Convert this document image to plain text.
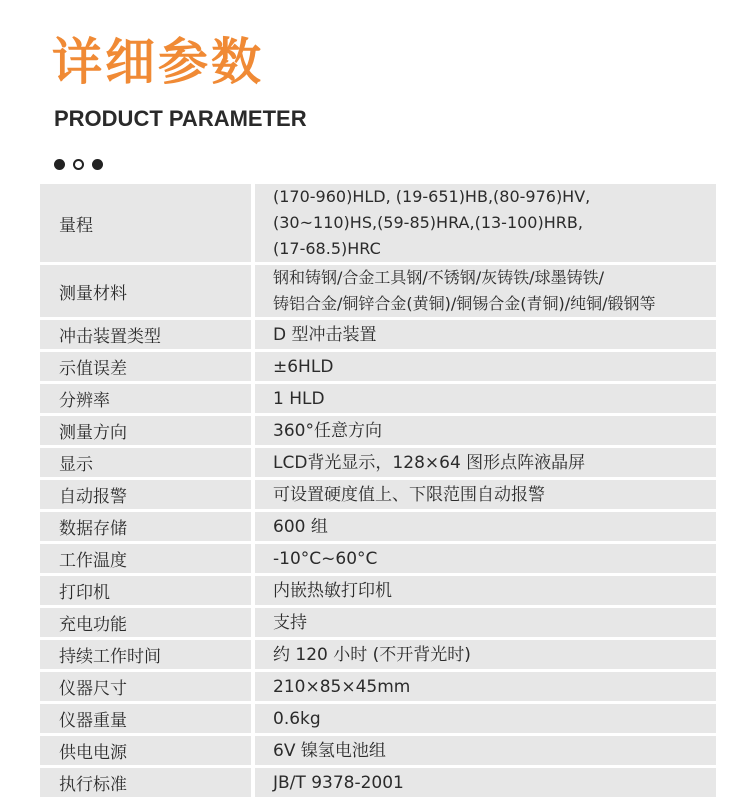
详细参数
PRODUCT PARAMETER
量程		(170-960)HLD, (19-651)HB,(80-976)HV,
(30~110)HS,(59-85)HRA,(13-100)HRB,
(17-68.5)HRC

测量材料		钢和铸钢/合金工具钢/不锈钢/灰铸铁/球墨铸铁/
铸铝合金/铜锌合金(黄铜)/铜锡合金(青铜)/纯铜/锻钢等

冲击装置类型		D 型冲击装置

示值误差		±6HLD

分辨率		1 HLD

测量方向		360°任意方向

显示		LCD背光显示，128×64 图形点阵液晶屏

自动报警		可设置硬度值上、下限范围自动报警

数据存储		600 组

工作温度		-10°C~60°C

打印机		内嵌热敏打印机

充电功能		支持

持续工作时间		约 120 小时 (不开背光时)

仪器尺寸		210×85×45mm

仪器重量		0.6kg

供电电源		6V 镍氢电池组

执行标准		JB/T 9378-2001
